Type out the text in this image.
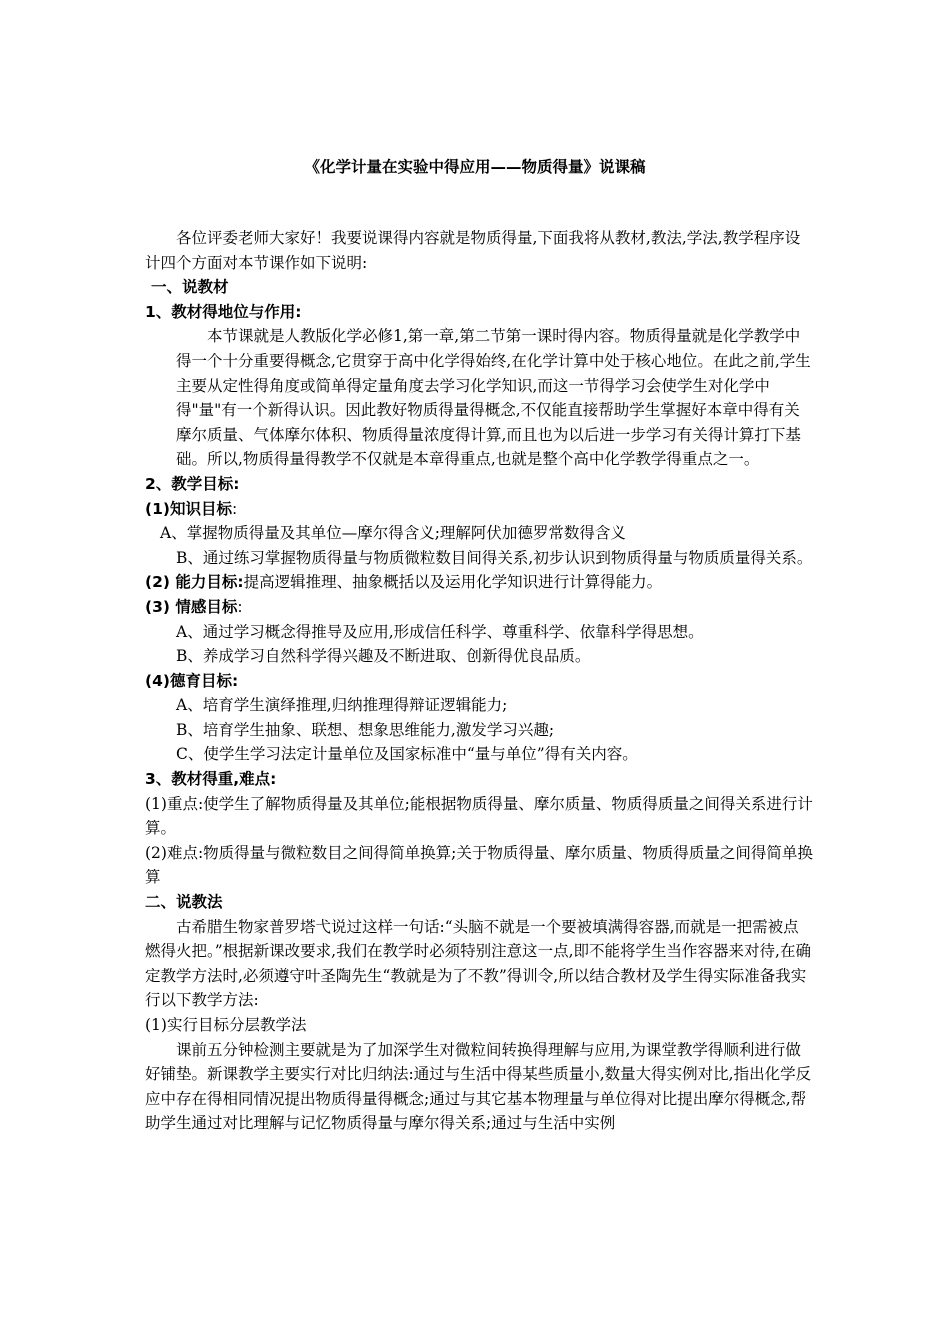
《化学计量在实验中得应用——物质得量》说课稿

各位评委老师大家好！我要说课得内容就是物质得量,下面我将从教材,教法,学法,教学程序设计四个方面对本节课作如下说明:

一、说教材

1、教材得地位与作用:

本节课就是人教版化学必修1,第一章,第二节第一课时得内容。物质得量就是化学教学中得一个十分重要得概念,它贯穿于高中化学得始终,在化学计算中处于核心地位。在此之前,学生主要从定性得角度或简单得定量角度去学习化学知识,而这一节得学习会使学生对化学中得"量"有一个新得认识。因此教好物质得量得概念,不仅能直接帮助学生掌握好本章中得有关摩尔质量、气体摩尔体积、物质得量浓度得计算,而且也为以后进一步学习有关得计算打下基础。所以,物质得量得教学不仅就是本章得重点,也就是整个高中化学教学得重点之一。

2、教学目标:

(1)知识目标:

A、掌握物质得量及其单位—摩尔得含义;理解阿伏加德罗常数得含义

B、通过练习掌握物质得量与物质微粒数目间得关系,初步认识到物质得量与物质质量得关系。

(2) 能力目标:提高逻辑推理、抽象概括以及运用化学知识进行计算得能力。

(3) 情感目标:

A、通过学习概念得推导及应用,形成信任科学、尊重科学、依靠科学得思想。

B、养成学习自然科学得兴趣及不断进取、创新得优良品质。

(4)德育目标:

A、培育学生演绎推理,归纳推理得辩证逻辑能力;

B、培育学生抽象、联想、想象思维能力,激发学习兴趣;

C、使学生学习法定计量单位及国家标准中“量与单位”得有关内容。

3、教材得重,难点:

(1)重点:使学生了解物质得量及其单位;能根据物质得量、摩尔质量、物质得质量之间得关系进行计算。

(2)难点:物质得量与微粒数目之间得简单换算;关于物质得量、摩尔质量、物质得质量之间得简单换算

二、说教法

古希腊生物家普罗塔弋说过这样一句话:“头脑不就是一个要被填满得容器,而就是一把需被点燃得火把。”根据新课改要求,我们在教学时必须特别注意这一点,即不能将学生当作容器来对待,在确定教学方法时,必须遵守叶圣陶先生“教就是为了不教”得训令,所以结合教材及学生得实际准备我实行以下教学方法:

(1)实行目标分层教学法

课前五分钟检测主要就是为了加深学生对微粒间转换得理解与应用,为课堂教学得顺利进行做好铺垫。新课教学主要实行对比归纳法:通过与生活中得某些质量小,数量大得实例对比,指出化学反应中存在得相同情况提出物质得量得概念;通过与其它基本物理量与单位得对比提出摩尔得概念,帮助学生通过对比理解与记忆物质得量与摩尔得关系;通过与生活中实例
